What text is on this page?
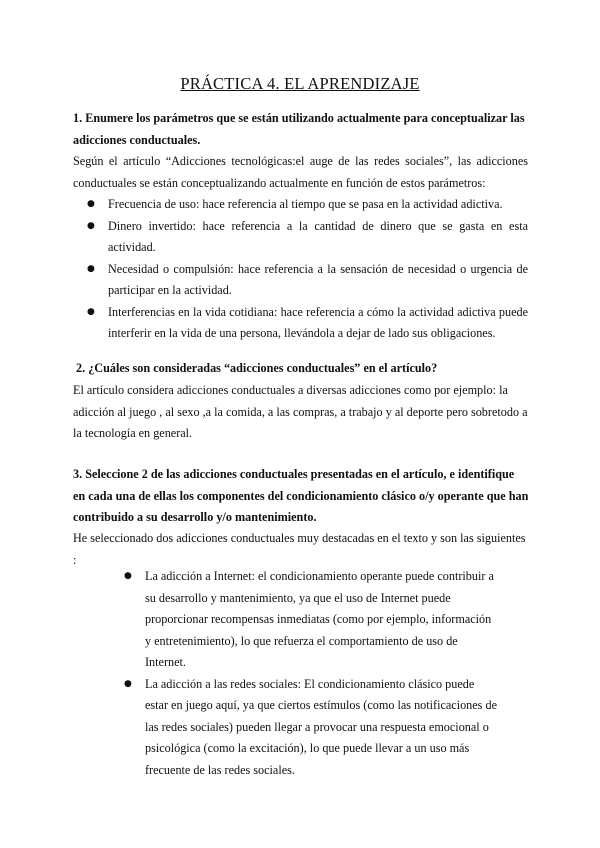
PRÁCTICA 4. EL APRENDIZAJE
1. Enumere los parámetros que se están utilizando actualmente para conceptualizar las adicciones conductuales.
Según el artículo “Adicciones tecnológicas:el auge de las redes sociales”, las adicciones conductuales se están conceptualizando actualmente en función de estos parámetros:
● Frecuencia de uso: hace referencia al tiempo que se pasa en la actividad adictiva.
● Dinero invertido: hace referencia a la cantidad de dinero que se gasta en esta actividad.
● Necesidad o compulsión: hace referencia a la sensación de necesidad o urgencia de participar en la actividad.
● Interferencias en la vida cotidiana: hace referencia a cómo la actividad adictiva puede interferir en la vida de una persona, llevándola a dejar de lado sus obligaciones.
2. ¿Cuáles son consideradas “adicciones conductuales” en el artículo?
El artículo considera adicciones conductuales a diversas adicciones como por ejemplo: la adicción al juego , al sexo ,a la comida, a las compras, a trabajo y al deporte pero sobretodo a la tecnología en general.
3. Seleccione 2 de las adicciones conductuales presentadas en el artículo, e identifique en cada una de ellas los componentes del condicionamiento clásico o/y operante que han contribuido a su desarrollo y/o mantenimiento.
He seleccionado dos adicciones conductuales muy destacadas en el texto y son las siguientes :
● La adicción a Internet: el condicionamiento operante puede contribuir a su desarrollo y mantenimiento, ya que el uso de Internet puede proporcionar recompensas inmediatas (como por ejemplo, información y entretenimiento), lo que refuerza el comportamiento de uso de Internet.
● La adicción a las redes sociales: El condicionamiento clásico puede estar en juego aquí, ya que ciertos estímulos (como las notificaciones de las redes sociales) pueden llegar a provocar una respuesta emocional o psicológica (como la excitación), lo que puede llevar a un uso más frecuente de las redes sociales.
